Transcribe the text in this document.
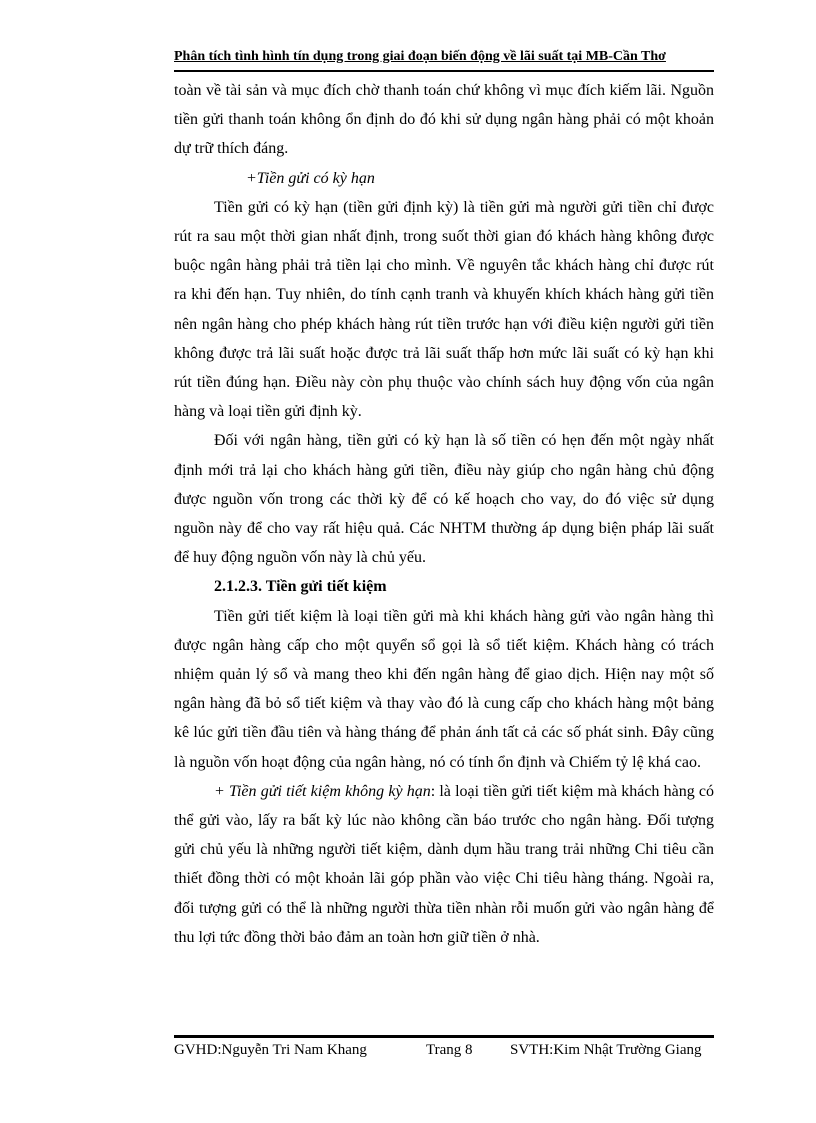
Phân tích tình hình tín dụng trong giai đoạn biến động về lãi suất tại MB-Cần Thơ

toàn về tài sản và mục đích chờ thanh toán chứ không vì mục đích kiếm lãi. Nguồn tiền gửi thanh toán không ổn định do đó khi sử dụng ngân hàng phải có một khoản dự trữ thích đáng.

+Tiền gửi có kỳ hạn

Tiền gửi có kỳ hạn (tiền gửi định kỳ) là tiền gửi mà người gửi tiền chỉ được rút ra sau một thời gian nhất định, trong suốt thời gian đó khách hàng không được buộc ngân hàng phải trả tiền lại cho mình. Về nguyên tắc khách hàng chỉ được rút ra khi đến hạn. Tuy nhiên, do tính cạnh tranh và khuyến khích khách hàng gửi tiền nên ngân hàng cho phép khách hàng rút tiền trước hạn với điều kiện người gửi tiền không được trả lãi suất hoặc được trả lãi suất thấp hơn mức lãi suất có kỳ hạn khi rút tiền đúng hạn. Điều này còn phụ thuộc vào chính sách huy động vốn của ngân hàng và loại tiền gửi định kỳ.

Đối với ngân hàng, tiền gửi có kỳ hạn là số tiền có hẹn đến một ngày nhất định mới trả lại cho khách hàng gửi tiền, điều này giúp cho ngân hàng chủ động được nguồn vốn trong các thời kỳ để có kế hoạch cho vay, do đó việc sử dụng nguồn này để cho vay rất hiệu quả. Các NHTM thường áp dụng biện pháp lãi suất để huy động nguồn vốn này là chủ yếu.

2.1.2.3. Tiền gửi tiết kiệm

Tiền gửi tiết kiệm là loại tiền gửi mà khi khách hàng gửi vào ngân hàng thì được ngân hàng cấp cho một quyển sổ gọi là sổ tiết kiệm. Khách hàng có trách nhiệm quản lý sổ và mang theo khi đến ngân hàng để giao dịch. Hiện nay một số ngân hàng đã bỏ sổ tiết kiệm và thay vào đó là cung cấp cho khách hàng một bảng kê lúc gửi tiền đầu tiên và hàng tháng để phản ánh tất cả các số phát sinh. Đây cũng là nguồn vốn hoạt động của ngân hàng, nó có tính ổn định và Chiếm tỷ lệ khá cao.

+ Tiền gửi tiết kiệm không kỳ hạn: là loại tiền gửi tiết kiệm mà khách hàng có thể gửi vào, lấy ra bất kỳ lúc nào không cần báo trước cho ngân hàng. Đối tượng gửi chủ yếu là những người tiết kiệm, dành dụm hầu trang trải những Chi tiêu cần thiết đồng thời có một khoản lãi góp phần vào việc Chi tiêu hàng tháng. Ngoài ra, đối tượng gửi có thể là những người thừa tiền nhàn rỗi muốn gửi vào ngân hàng để thu lợi tức đồng thời bảo đảm an toàn hơn giữ tiền ở nhà.

GVHD:Nguyễn Tri Nam Khang	Trang 8 SVTH:Kim Nhật Trường Giang
